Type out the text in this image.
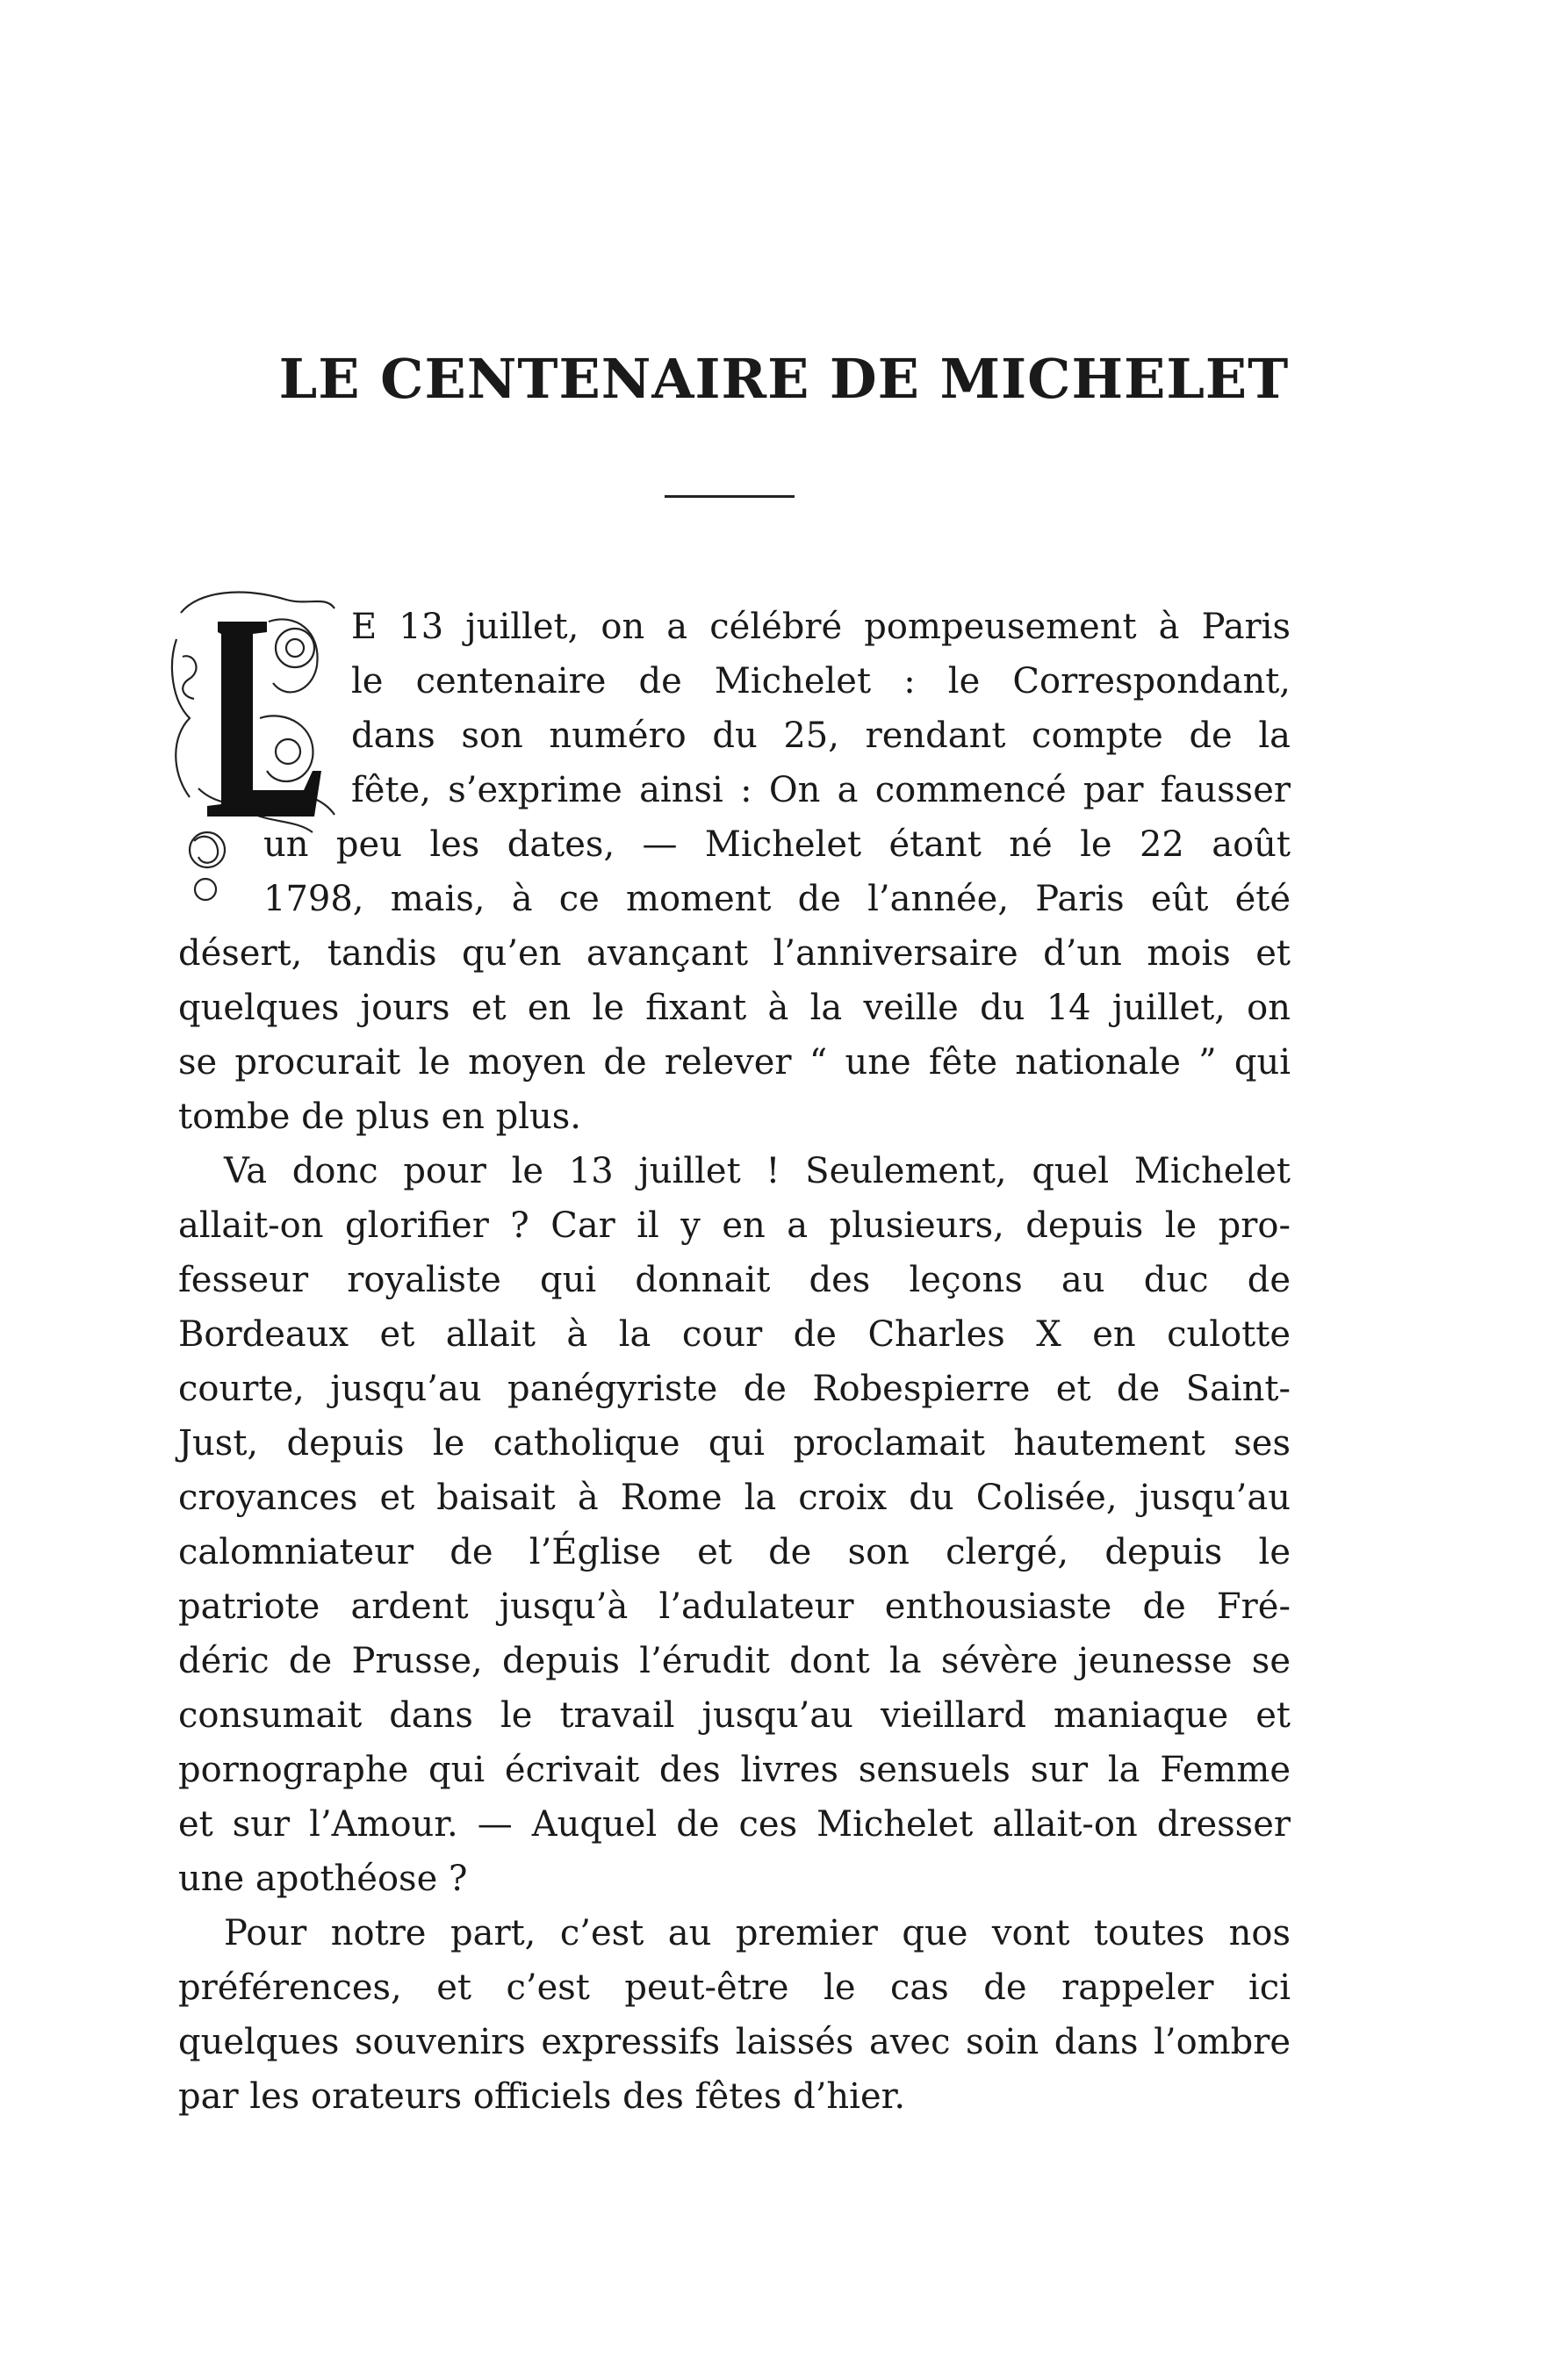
LE CENTENAIRE DE MICHELET

E 13 juillet, on a célébré pompeusement à Paris

le centenaire de Michelet : le Correspondant,

dans son numéro du 25, rendant compte de la

fête, s’exprime ainsi : On a commencé par fausser

un peu les dates, — Michelet étant né le 22 août

1798, mais, à ce moment de l’année, Paris eût été

désert, tandis qu’en avançant l’anniversaire d’un mois et

quelques jours et en le fixant à la veille du 14 juillet, on

se procurait le moyen de relever “ une fête nationale ” qui

tombe de plus en plus.

Va donc pour le 13 juillet ! Seulement, quel Michelet

allait-on glorifier ? Car il y en a plusieurs, depuis le pro-

fesseur royaliste qui donnait des leçons au duc de

Bordeaux et allait à la cour de Charles X en culotte

courte, jusqu’au panégyriste de Robespierre et de Saint-

Just, depuis le catholique qui proclamait hautement ses

croyances et baisait à Rome la croix du Colisée, jusqu’au

calomniateur de l’Église et de son clergé, depuis le

patriote ardent jusqu’à l’adulateur enthousiaste de Fré-

déric de Prusse, depuis l’érudit dont la sévère jeunesse se

consumait dans le travail jusqu’au vieillard maniaque et

pornographe qui écrivait des livres sensuels sur la Femme

et sur l’Amour. — Auquel de ces Michelet allait-on dresser

une apothéose ?

Pour notre part, c’est au premier que vont toutes nos

préférences, et c’est peut-être le cas de rappeler ici

quelques souvenirs expressifs laissés avec soin dans l’ombre

par les orateurs officiels des fêtes d’hier.
